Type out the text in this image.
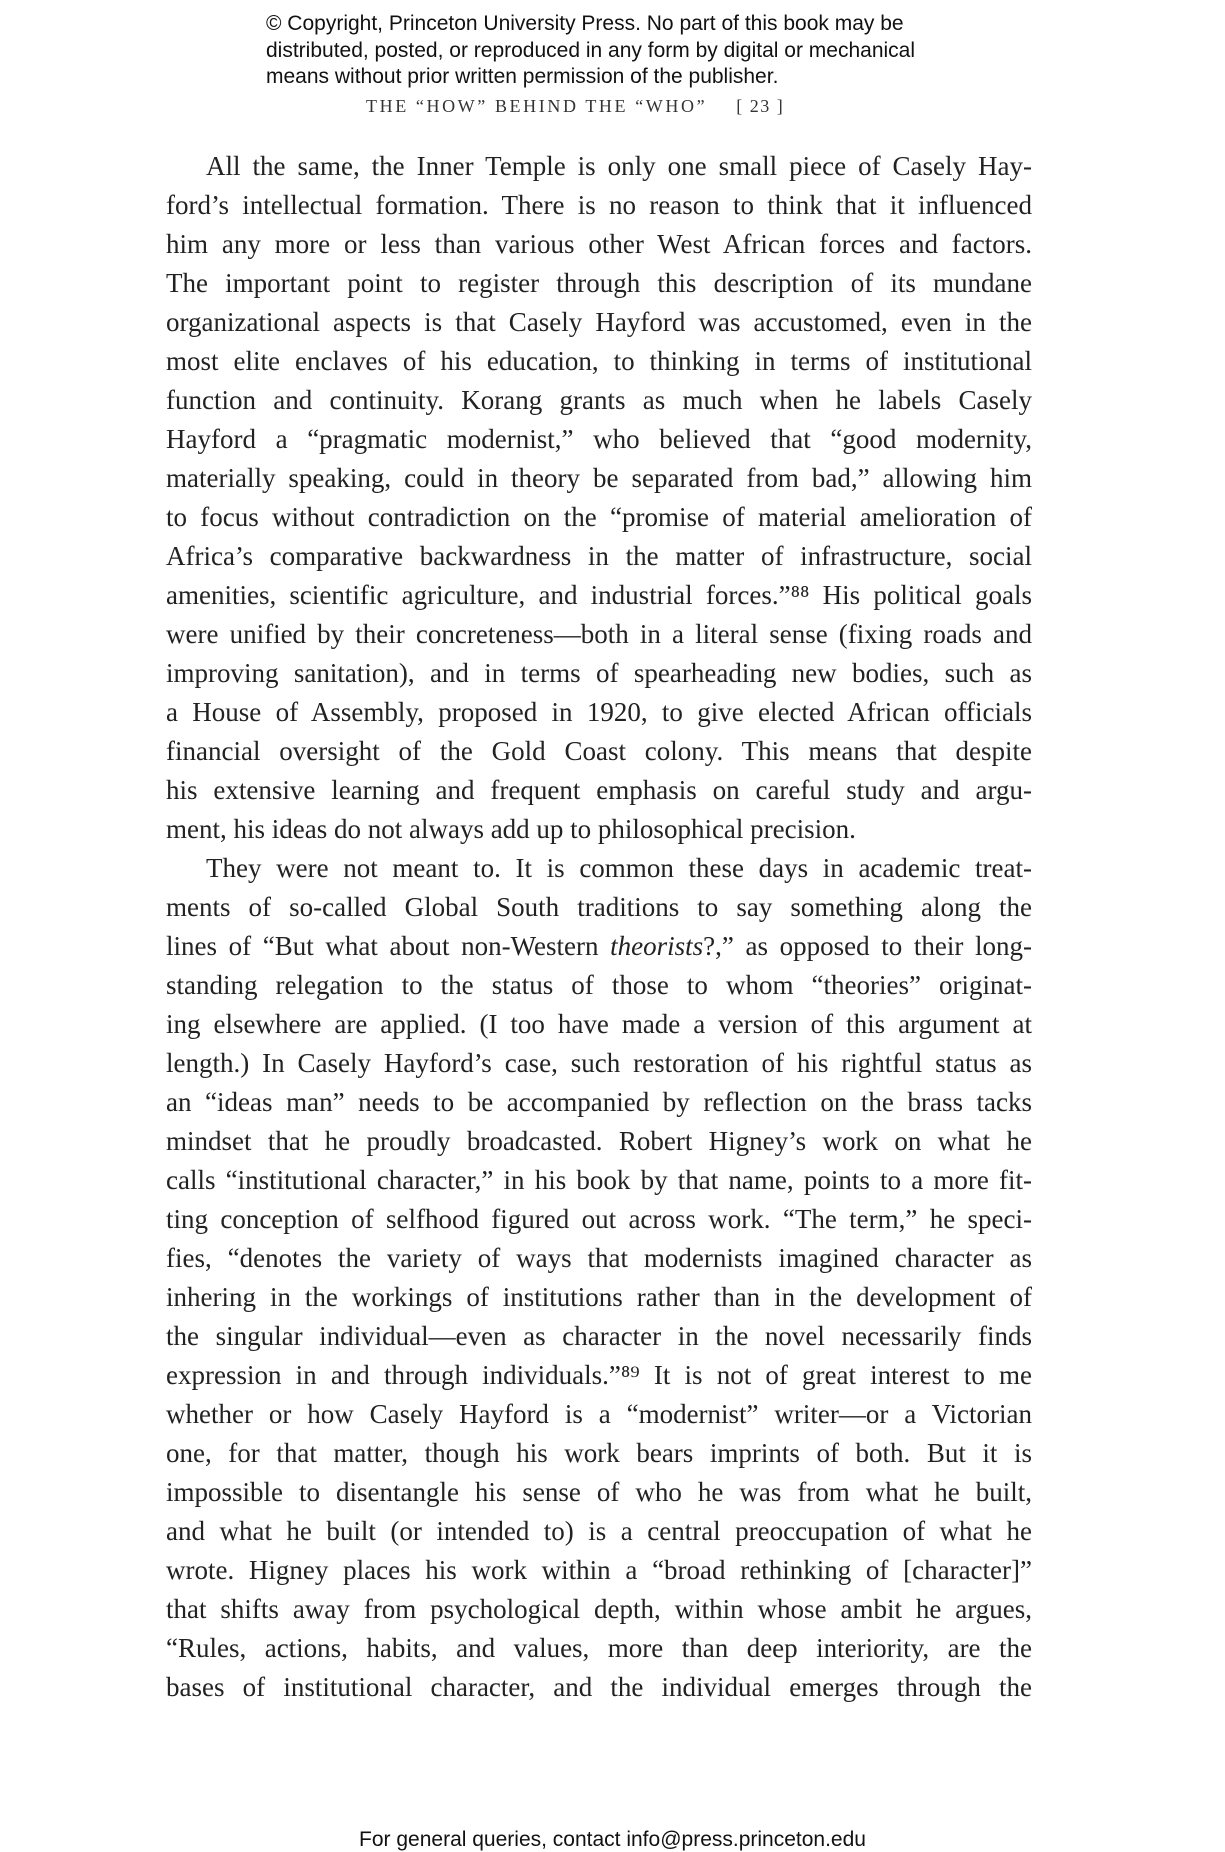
© Copyright, Princeton University Press. No part of this book may be

distributed, posted, or reproduced in any form by digital or mechanical

means without prior written permission of the publisher.

THE “HOW” BEHIND THE “WHO” [ 23 ]
All the same, the Inner Temple is only one small piece of Casely Hay-
ford’s intellectual formation. There is no reason to think that it influenced
him any more or less than various other West African forces and factors.
The important point to register through this description of its mundane
organizational aspects is that Casely Hayford was accustomed, even in the
most elite enclaves of his education, to thinking in terms of institutional
function and continuity. Korang grants as much when he labels Casely
Hayford a “pragmatic modernist,” who believed that “good modernity,
materially speaking, could in theory be separated from bad,” allowing him
to focus without contradiction on the “promise of material amelioration of
Africa’s comparative backwardness in the matter of infrastructure, social
amenities, scientific agriculture, and industrial forces.”⁸⁸ His political goals
were unified by their concreteness—both in a literal sense (fixing roads and
improving sanitation), and in terms of spearheading new bodies, such as
a House of Assembly, proposed in 1920, to give elected African officials
financial oversight of the Gold Coast colony. This means that despite
his extensive learning and frequent emphasis on careful study and argu-
ment, his ideas do not always add up to philosophical precision.
They were not meant to. It is common these days in academic treat-
ments of so-called Global South traditions to say something along the
lines of “But what about non-Western theorists?,” as opposed to their long-
standing relegation to the status of those to whom “theories” originat-
ing elsewhere are applied. (I too have made a version of this argument at
length.) In Casely Hayford’s case, such restoration of his rightful status as
an “ideas man” needs to be accompanied by reflection on the brass tacks
mindset that he proudly broadcasted. Robert Higney’s work on what he
calls “institutional character,” in his book by that name, points to a more fit-
ting conception of selfhood figured out across work. “The term,” he speci-
fies, “denotes the variety of ways that modernists imagined character as
inhering in the workings of institutions rather than in the development of
the singular individual—even as character in the novel necessarily finds
expression in and through individuals.”⁸⁹ It is not of great interest to me
whether or how Casely Hayford is a “modernist” writer—or a Victorian
one, for that matter, though his work bears imprints of both. But it is
impossible to disentangle his sense of who he was from what he built,
and what he built (or intended to) is a central preoccupation of what he
wrote. Higney places his work within a “broad rethinking of [character]”
that shifts away from psychological depth, within whose ambit he argues,
“Rules, actions, habits, and values, more than deep interiority, are the
bases of institutional character, and the individual emerges through the
For general queries, contact info@press.princeton.edu
